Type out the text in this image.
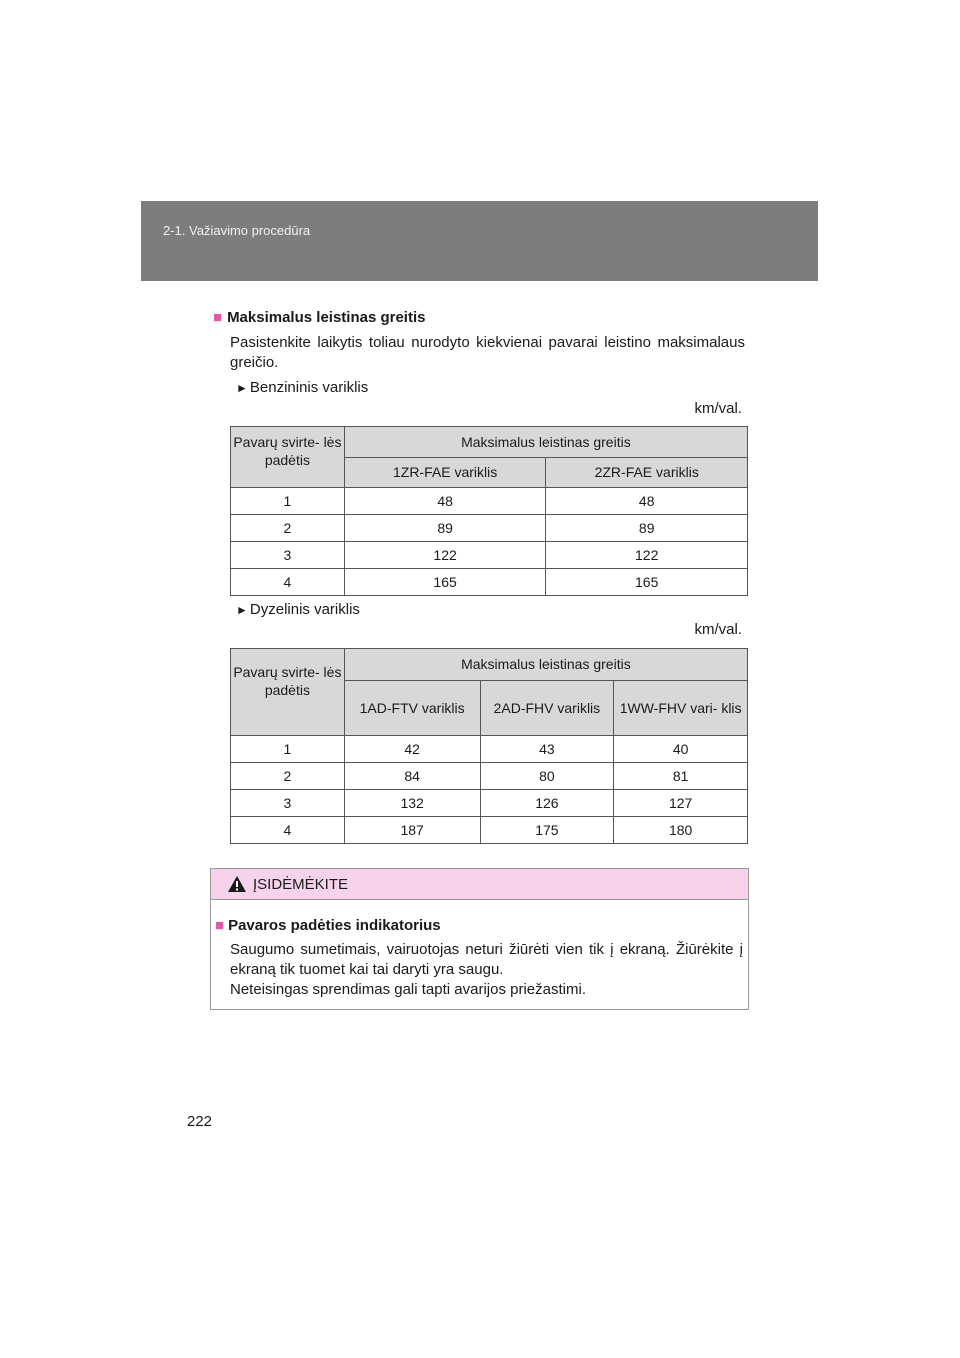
2-1. Važiavimo procedūra
■ Maksimalus leistinas greitis
Pasistenkite laikytis toliau nurodyto kiekvienai pavarai leistino maksimalaus greičio.
► Benzininis variklis
km/val.
Pavarų svirte- lės padėtis	Maksimalus leistinas greitis	
	1ZR-FAE variklis	2ZR-FAE variklis
1	48	48
2	89	89
3	122	122
4	165	165
► Dyzelinis variklis
km/val.
Pavarų svirte- lės padėtis	Maksimalus leistinas greitis		
	1AD-FTV variklis	2AD-FHV variklis	1WW-FHV vari- klis
1	42	43	40
2	84	80	81
3	132	126	127
4	187	175	180
ĮSIDĖMĖKITE
■ Pavaros padėties indikatorius
Saugumo sumetimais, vairuotojas neturi žiūrėti vien tik į ekraną. Žiūrėkite į ekraną tik tuomet kai tai daryti yra saugu.
Neteisingas sprendimas gali tapti avarijos priežastimi.
222
